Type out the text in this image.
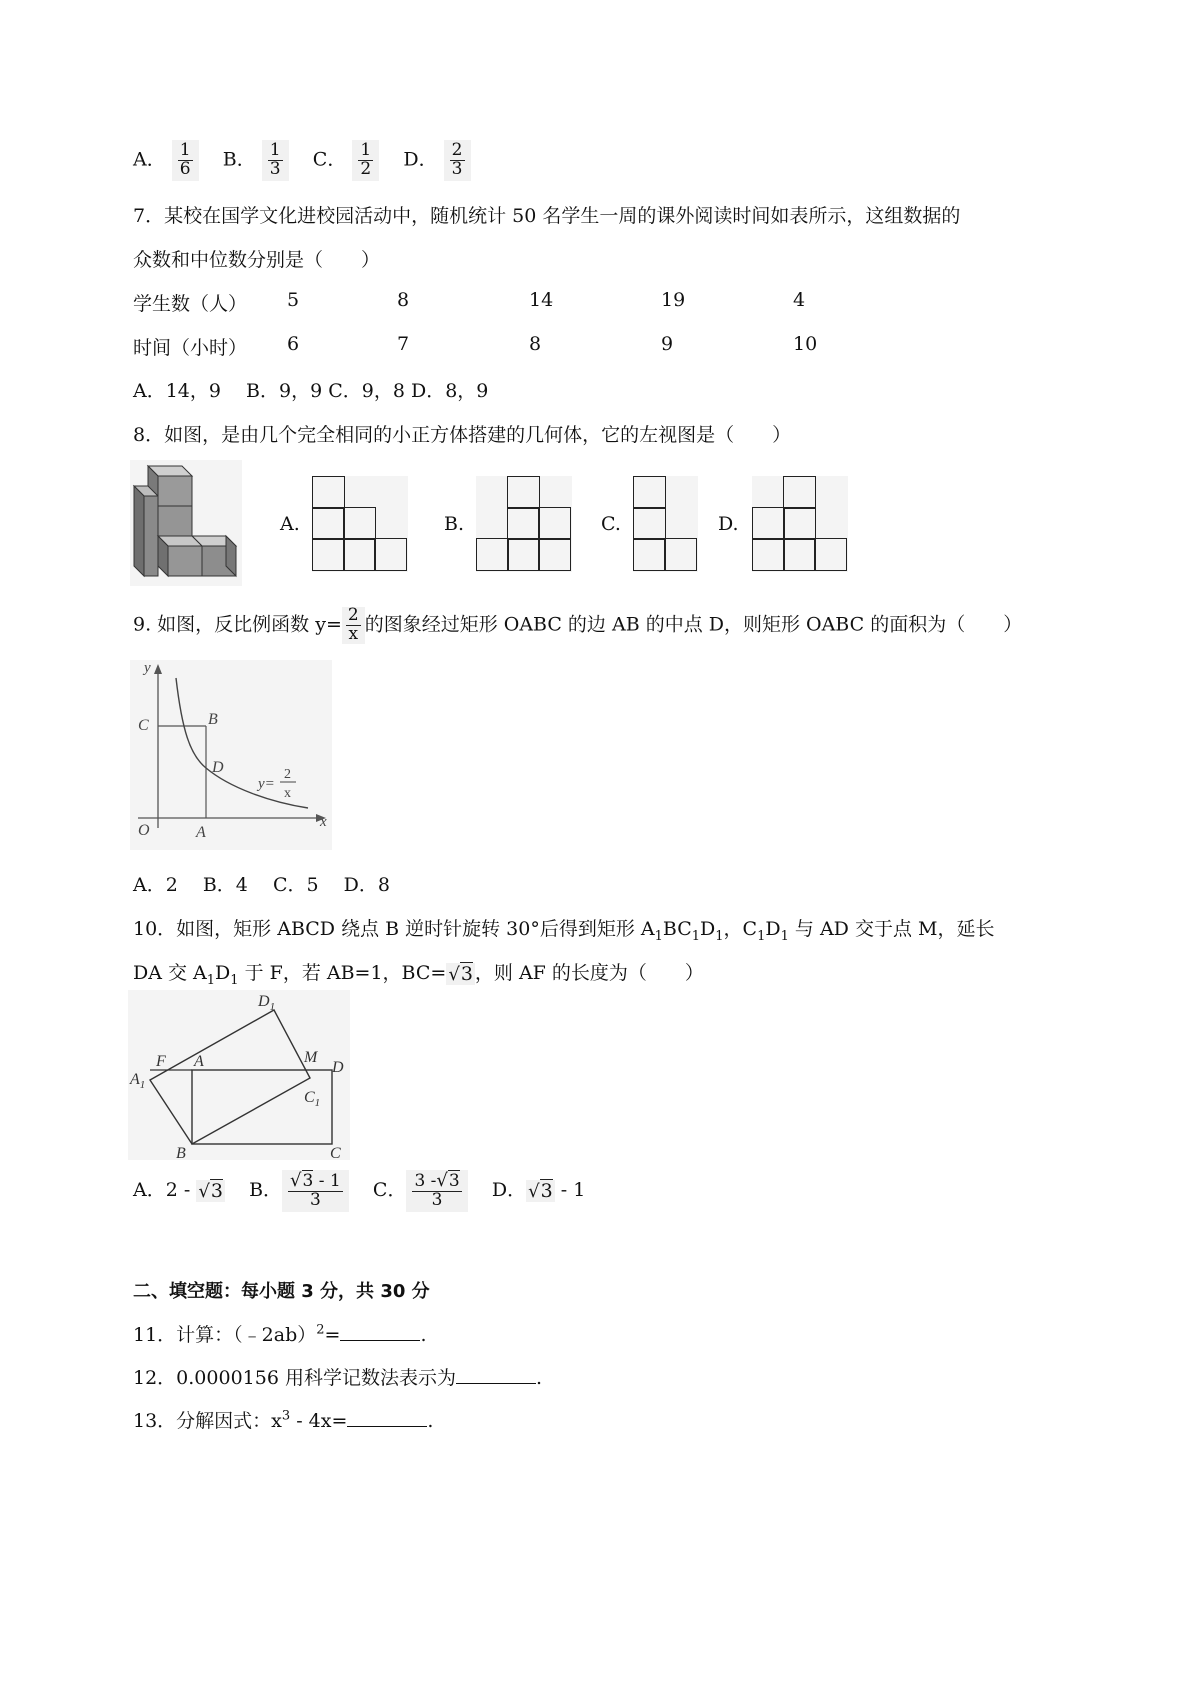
A． $\frac{1}{6}$ B． $\frac{1}{3}$ C． $\frac{1}{2}$ D． $\frac{2}{3}$
7．某校在国学文化进校园活动中，随机统计 50 名学生一周的课外阅读时间如表所示，这组数据的
众数和中位数分别是（　　）
学生数（人） 5	8	14	19	4
时间（小时） 6	7	8	9	10
A．14，9　 B．9，9 C．9，8 D．8，9
8．如图，是由几个完全相同的小正方体搭建的几何体，它的左视图是（　　）
A.	B.	C.	D.
9. 如图，反比例函数 $y= \frac{2}{x}$ 的图象经过矩形 OABC 的边 AB 的中点 D，则矩形 OABC 的面积为（　　）
y
x
O	A
B
C
D
y=
2
x
A．2　 B．4　 C．5　 D．8
10．如图，矩形 ABCD 绕点 B 逆时针旋转 30°后得到矩形 $A_1BC_1D_1$，$C_1D_1$ 与 AD 交于点 M，延长
DA 交 $A_1D_1$ 于 F，若 AB=1，BC= √3 ，则 AF 的长度为（　　）
$D_1$
F A	M
D
$A_1$
$C_1$
B	C
A．2 - √3 B． $\frac{√3 - 1}{3}$ C． $\frac{3 -√3}{3}$ D． √3 - 1
二、填空题：每小题 3 分，共 30 分
11．计算：（﹣2ab）$^2$=	.
12．0.0000156 用科学记数法表示为	.
13．分解因式：$x^3 - 4x=$	.
